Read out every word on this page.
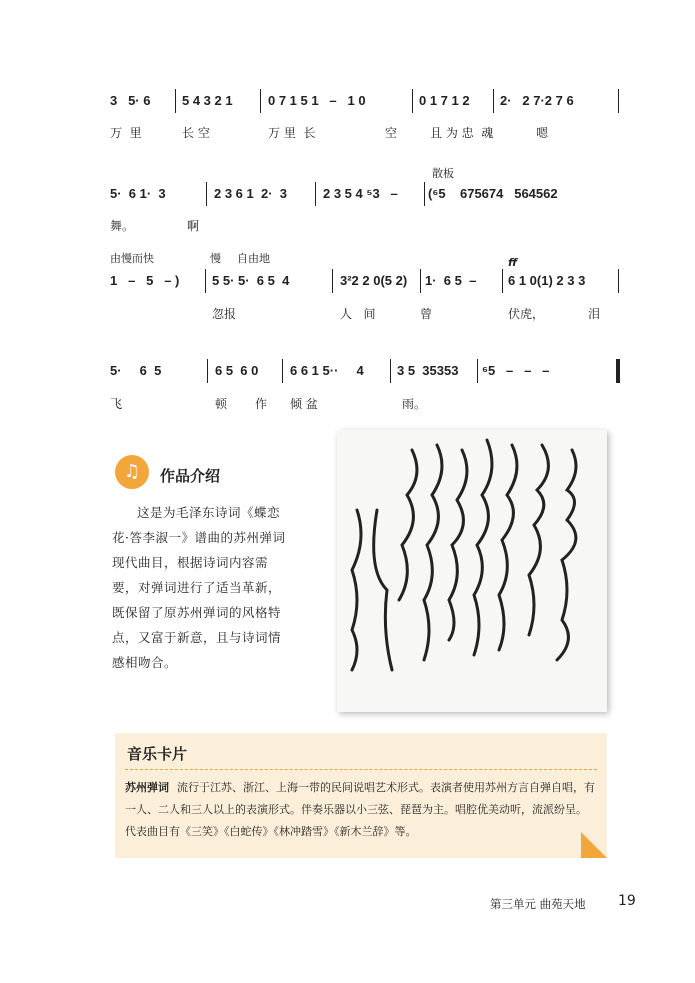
3   5· 6 5 4 3 2 1	0 7 1 5 1   –   1 0	0 1 7 1 2 2·   2 7·2 7 6
万  里	长 空	万 里  长	空	且 为 忠  魂	嗯
散板
5·  6 1·  3	2 3 6 1  2·  3	2 3 5 4 ⁵3   – (⁶5    675674   564562
舞。	啊
由慢而快	慢 自由地	ff
1   –   5   – )	5 5· 5·  6 5  4	3²2 2 0(5 2) 1·  6 5  – 6 1 0(1) 2 3 3
忽报	人   间	曾	伏虎，	泪
5·     6  5	6 5  6 0 6 6 1 5··     4	3 5  35353 ⁶5   –   –   –
飞	顿 作 倾 盆	雨。
♫	作品介绍
这是为毛泽东诗词《蝶恋花·答李淑一》谱曲的苏州弹词现代曲目，根据诗词内容需要，对弹词进行了适当革新，既保留了原苏州弹词的风格特点，又富于新意，且与诗词情感相吻合。
音乐卡片
苏州弹词 流行于江苏、浙江、上海一带的民间说唱艺术形式。表演者使用苏州方言自弹自唱，有一人、二人和三人以上的表演形式。伴奏乐器以小三弦、琵琶为主。唱腔优美动听，流派纷呈。代表曲目有《三笑》《白蛇传》《林冲踏雪》《新木兰辞》等。
第三单元 曲苑天地 19
